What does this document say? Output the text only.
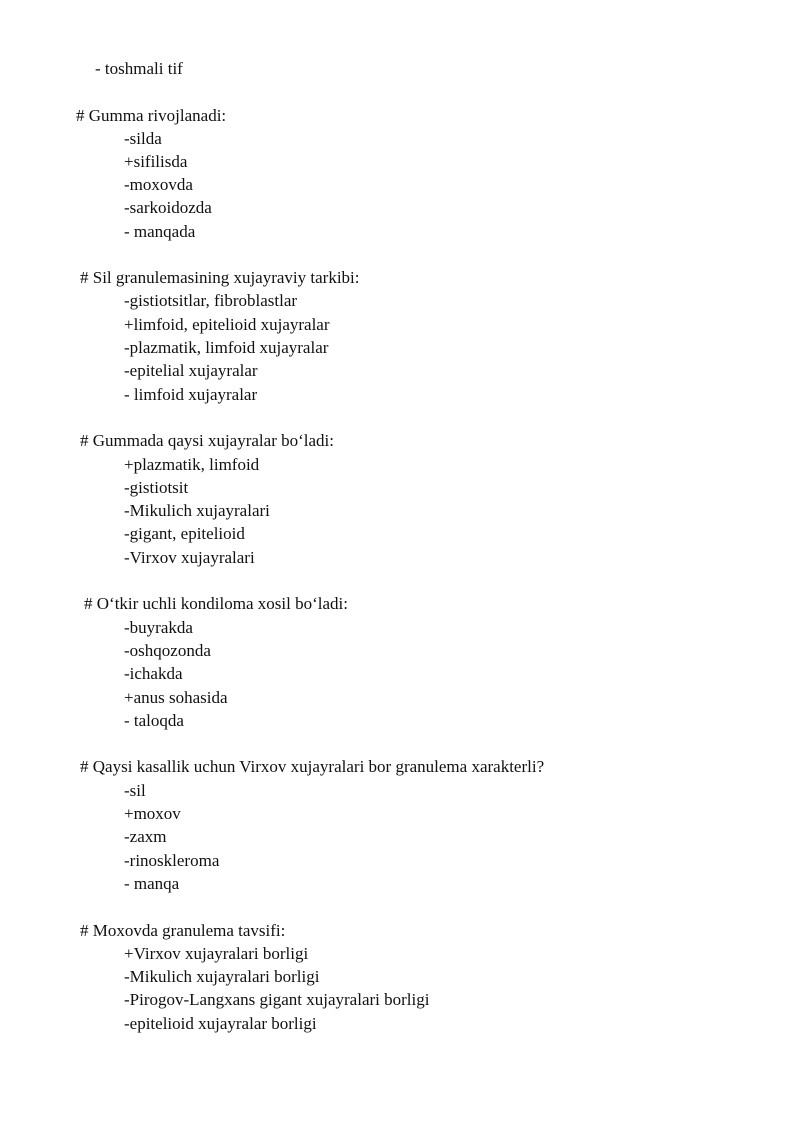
- toshmali tif
# Gumma rivojlanadi:
-silda
+sifilisda
-moxovda
-sarkoidozda
- manqada
# Sil granulemasining xujayraviy tarkibi:
-gistiotsitlar, fibroblastlar
+limfoid, epitelioid xujayralar
-plazmatik, limfoid xujayralar
-epitelial xujayralar
- limfoid xujayralar
# Gummada qaysi xujayralar bo‘ladi:
+plazmatik, limfoid
-gistiotsit
-Mikulich xujayralari
-gigant, epitelioid
-Virxov xujayralari
# O‘tkir uchli kondiloma xosil bo‘ladi:
-buyrakda
-oshqozonda
-ichakda
+anus sohasida
- taloqda
# Qaysi kasallik uchun Virxov xujayralari bor granulema xarakterli?
-sil
+moxov
-zaxm
-rinoskleroma
- manqa
# Moxovda granulema tavsifi:
+Virxov xujayralari borligi
-Mikulich xujayralari borligi
-Pirogov-Langxans gigant xujayralari borligi
-epitelioid xujayralar borligi
